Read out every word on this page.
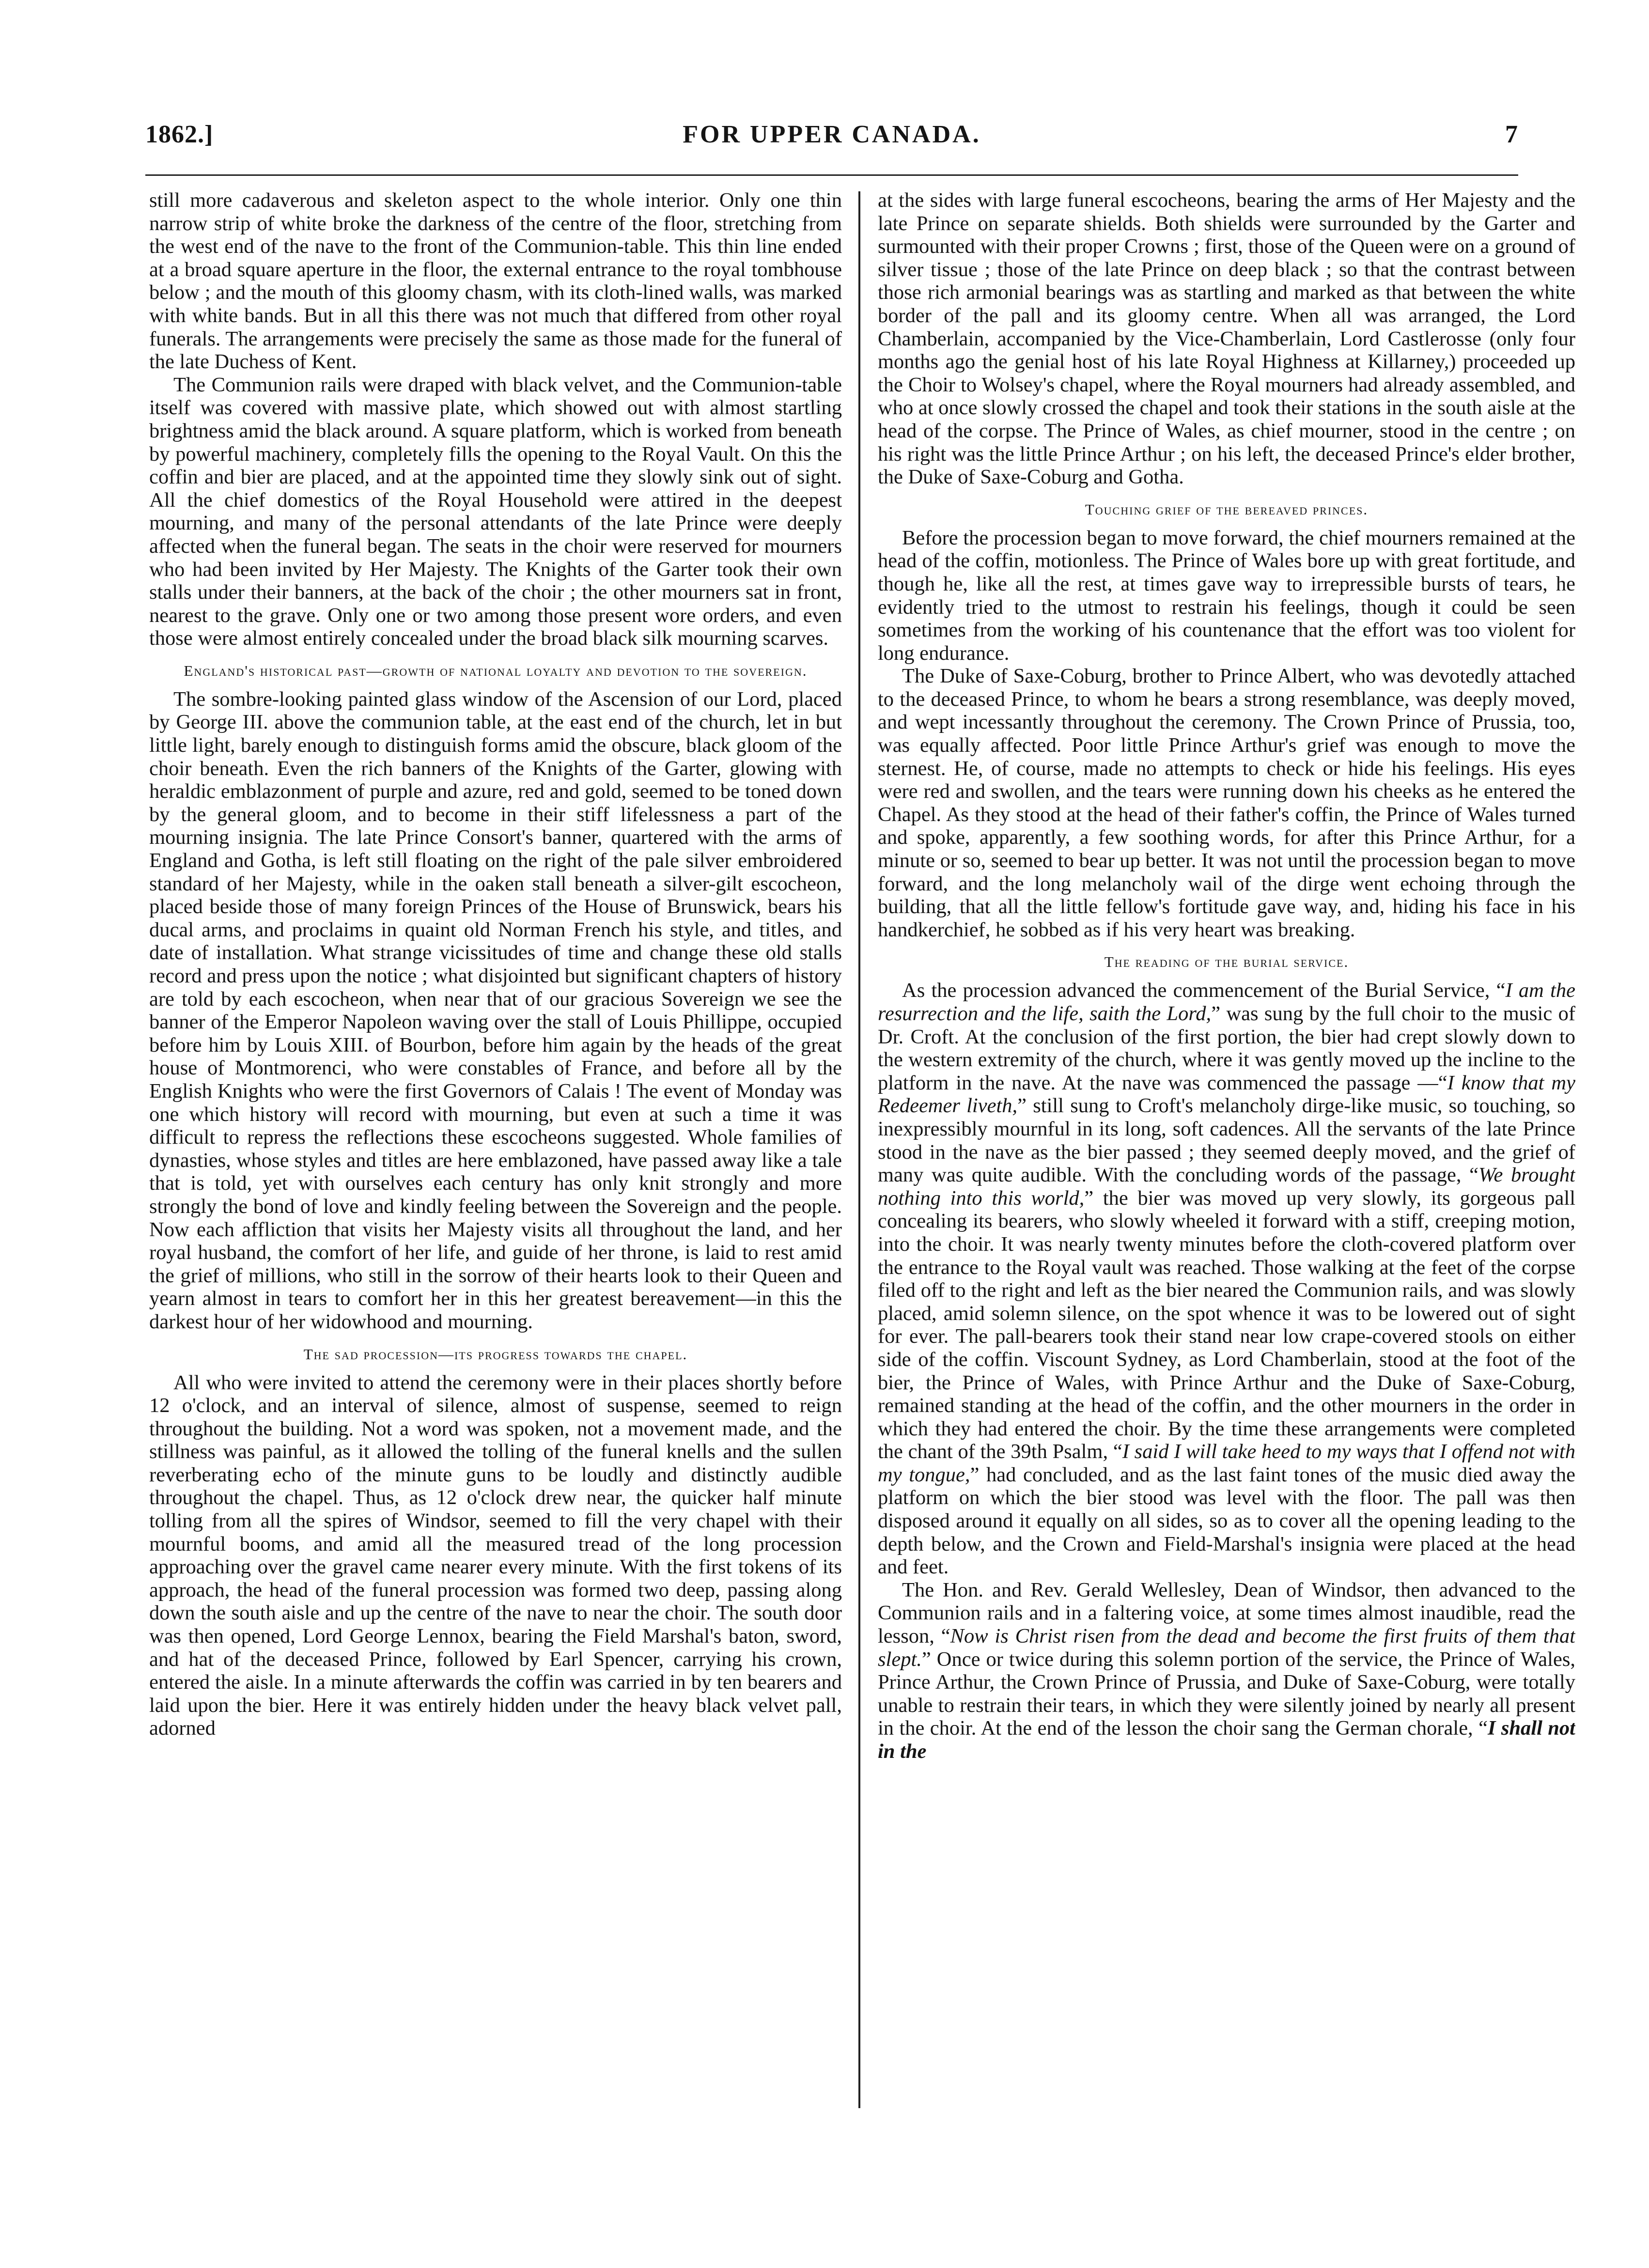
1862.]	FOR UPPER CANADA.	7

still more cadaverous and skeleton aspect to the whole interior. Only one thin narrow strip of white broke the darkness of the centre of the floor, stretching from the west end of the nave to the front of the Communion-table. This thin line ended at a broad square aperture in the floor, the external entrance to the royal tombhouse below ; and the mouth of this gloomy chasm, with its cloth-lined walls, was marked with white bands. But in all this there was not much that differed from other royal funerals. The arrangements were precisely the same as those made for the funeral of the late Duchess of Kent.

The Communion rails were draped with black velvet, and the Communion-table itself was covered with massive plate, which showed out with almost startling brightness amid the black around. A square platform, which is worked from beneath by powerful machinery, completely fills the opening to the Royal Vault. On this the coffin and bier are placed, and at the appointed time they slowly sink out of sight. All the chief domestics of the Royal Household were attired in the deepest mourning, and many of the personal attendants of the late Prince were deeply affected when the funeral began. The seats in the choir were reserved for mourners who had been invited by Her Majesty. The Knights of the Garter took their own stalls under their banners, at the back of the choir ; the other mourners sat in front, nearest to the grave. Only one or two among those present wore orders, and even those were almost entirely concealed under the broad black silk mourning scarves.

England's historical past—growth of national loyalty and devotion to the sovereign.

The sombre-looking painted glass window of the Ascension of our Lord, placed by George III. above the communion table, at the east end of the church, let in but little light, barely enough to distinguish forms amid the obscure, black gloom of the choir beneath. Even the rich banners of the Knights of the Garter, glowing with heraldic emblazonment of purple and azure, red and gold, seemed to be toned down by the general gloom, and to become in their stiff lifelessness a part of the mourning insignia. The late Prince Consort's banner, quartered with the arms of England and Gotha, is left still floating on the right of the pale silver embroidered standard of her Majesty, while in the oaken stall beneath a silver-gilt escocheon, placed beside those of many foreign Princes of the House of Brunswick, bears his ducal arms, and proclaims in quaint old Norman French his style, and titles, and date of installation. What strange vicissitudes of time and change these old stalls record and press upon the notice ; what disjointed but significant chapters of history are told by each escocheon, when near that of our gracious Sovereign we see the banner of the Emperor Napoleon waving over the stall of Louis Phillippe, occupied before him by Louis XIII. of Bourbon, before him again by the heads of the great house of Montmorenci, who were constables of France, and before all by the English Knights who were the first Governors of Calais ! The event of Monday was one which history will record with mourning, but even at such a time it was difficult to repress the reflections these escocheons suggested. Whole families of dynasties, whose styles and titles are here emblazoned, have passed away like a tale that is told, yet with ourselves each century has only knit strongly and more strongly the bond of love and kindly feeling between the Sovereign and the people. Now each affliction that visits her Majesty visits all throughout the land, and her royal husband, the comfort of her life, and guide of her throne, is laid to rest amid the grief of millions, who still in the sorrow of their hearts look to their Queen and yearn almost in tears to comfort her in this her greatest bereavement—in this the darkest hour of her widowhood and mourning.

The sad procession—its progress towards the chapel.

All who were invited to attend the ceremony were in their places shortly before 12 o'clock, and an interval of silence, almost of suspense, seemed to reign throughout the building. Not a word was spoken, not a movement made, and the stillness was painful, as it allowed the tolling of the funeral knells and the sullen reverberating echo of the minute guns to be loudly and distinctly audible throughout the chapel. Thus, as 12 o'clock drew near, the quicker half minute tolling from all the spires of Windsor, seemed to fill the very chapel with their mournful booms, and amid all the measured tread of the long procession approaching over the gravel came nearer every minute. With the first tokens of its approach, the head of the funeral procession was formed two deep, passing along down the south aisle and up the centre of the nave to near the choir. The south door was then opened, Lord George Lennox, bearing the Field Marshal's baton, sword, and hat of the deceased Prince, followed by Earl Spencer, carrying his crown, entered the aisle. In a minute afterwards the coffin was carried in by ten bearers and laid upon the bier. Here it was entirely hidden under the heavy black velvet pall, adorned

at the sides with large funeral escocheons, bearing the arms of Her Majesty and the late Prince on separate shields. Both shields were surrounded by the Garter and surmounted with their proper Crowns ; first, those of the Queen were on a ground of silver tissue ; those of the late Prince on deep black ; so that the contrast between those rich armonial bearings was as startling and marked as that between the white border of the pall and its gloomy centre. When all was arranged, the Lord Chamberlain, accompanied by the Vice-Chamberlain, Lord Castlerosse (only four months ago the genial host of his late Royal Highness at Killarney,) proceeded up the Choir to Wolsey's chapel, where the Royal mourners had already assembled, and who at once slowly crossed the chapel and took their stations in the south aisle at the head of the corpse. The Prince of Wales, as chief mourner, stood in the centre ; on his right was the little Prince Arthur ; on his left, the deceased Prince's elder brother, the Duke of Saxe-Coburg and Gotha.

Touching grief of the bereaved princes.

Before the procession began to move forward, the chief mourners remained at the head of the coffin, motionless. The Prince of Wales bore up with great fortitude, and though he, like all the rest, at times gave way to irrepressible bursts of tears, he evidently tried to the utmost to restrain his feelings, though it could be seen sometimes from the working of his countenance that the effort was too violent for long endurance.

The Duke of Saxe-Coburg, brother to Prince Albert, who was devotedly attached to the deceased Prince, to whom he bears a strong resemblance, was deeply moved, and wept incessantly throughout the ceremony. The Crown Prince of Prussia, too, was equally affected. Poor little Prince Arthur's grief was enough to move the sternest. He, of course, made no attempts to check or hide his feelings. His eyes were red and swollen, and the tears were running down his cheeks as he entered the Chapel. As they stood at the head of their father's coffin, the Prince of Wales turned and spoke, apparently, a few soothing words, for after this Prince Arthur, for a minute or so, seemed to bear up better. It was not until the procession began to move forward, and the long melancholy wail of the dirge went echoing through the building, that all the little fellow's fortitude gave way, and, hiding his face in his handkerchief, he sobbed as if his very heart was breaking.

The reading of the burial service.

As the procession advanced the commencement of the Burial Service, “I am the resurrection and the life, saith the Lord,” was sung by the full choir to the music of Dr. Croft. At the conclusion of the first portion, the bier had crept slowly down to the western extremity of the church, where it was gently moved up the incline to the platform in the nave. At the nave was commenced the passage —“I know that my Redeemer liveth,” still sung to Croft's melancholy dirge-like music, so touching, so inexpressibly mournful in its long, soft cadences. All the servants of the late Prince stood in the nave as the bier passed ; they seemed deeply moved, and the grief of many was quite audible. With the concluding words of the passage, “We brought nothing into this world,” the bier was moved up very slowly, its gorgeous pall concealing its bearers, who slowly wheeled it forward with a stiff, creeping motion, into the choir. It was nearly twenty minutes before the cloth-covered platform over the entrance to the Royal vault was reached. Those walking at the feet of the corpse filed off to the right and left as the bier neared the Communion rails, and was slowly placed, amid solemn silence, on the spot whence it was to be lowered out of sight for ever. The pall-bearers took their stand near low crape-covered stools on either side of the coffin. Viscount Sydney, as Lord Chamberlain, stood at the foot of the bier, the Prince of Wales, with Prince Arthur and the Duke of Saxe-Coburg, remained standing at the head of the coffin, and the other mourners in the order in which they had entered the choir. By the time these arrangements were completed the chant of the 39th Psalm, “I said I will take heed to my ways that I offend not with my tongue,” had concluded, and as the last faint tones of the music died away the platform on which the bier stood was level with the floor. The pall was then disposed around it equally on all sides, so as to cover all the opening leading to the depth below, and the Crown and Field-Marshal's insignia were placed at the head and feet.

The Hon. and Rev. Gerald Wellesley, Dean of Windsor, then advanced to the Communion rails and in a faltering voice, at some times almost inaudible, read the lesson, “Now is Christ risen from the dead and become the first fruits of them that slept.” Once or twice during this solemn portion of the service, the Prince of Wales, Prince Arthur, the Crown Prince of Prussia, and Duke of Saxe-Coburg, were totally unable to restrain their tears, in which they were silently joined by nearly all present in the choir. At the end of the lesson the choir sang the German chorale, “I shall not in the
